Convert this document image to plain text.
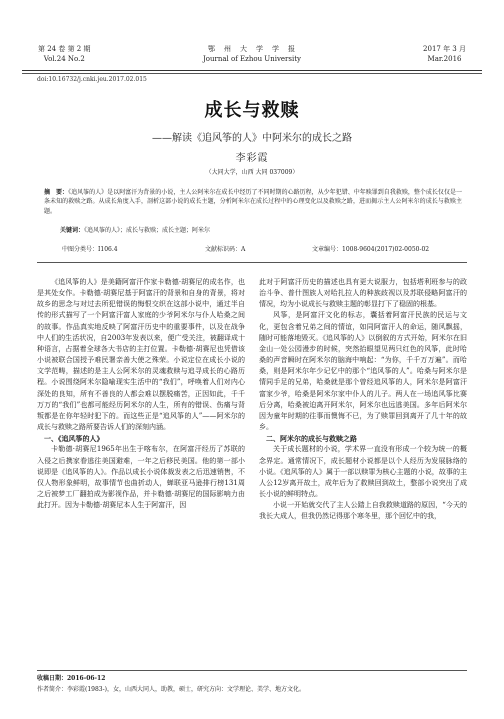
第 24 卷 第 2 期
Vol.24 No.2
鄂　州　大　学　学　报
Journal of Ezhou University
2017 年 3 月
Mar.2016
doi:10.16732/j.cnki.jeu.2017.02.015
成长与救赎
——解读《追风筝的人》中阿米尔的成长之路
李彩霞
（大同大学，山西 大同 037009）
摘　要：《追风筝的人》是以阿富汗为背景的小说，主人公阿米尔在成长中经历了不同时期的心路历程，从少年犯错、中年赎罪到自我救赎，整个成长仅仅是一条未知的救赎之路。从成长角度入手，剖析这部小说的成长主题，分析阿米尔在成长过程中的心理变化以及救赎之路，进而揭示主人公阿米尔的成长与救赎主题。
关键词：《追风筝的人》；成长与救赎；成长主题；阿米尔
中图分类号：I106.4	文献标识码：A	文章编号：1008-9604(2017)02-0050-02

《追风筝的人》是美籍阿富汗作家卡勒德·胡赛尼的成名作，也是其处女作。卡勒德·胡赛尼基于阿富汗的背景和自身的背景，将对故乡的思念与对过去所犯错误的悔恨交织在这部小说中，通过半自传的形式描写了一个阿富汗富人家庭的少爷阿米尔与仆人哈桑之间的故事。作品真实地反映了阿富汗历史中的重要事件，以及在战争中人们的生活状况，自2003年发表以来，便广受关注，被翻译成十种语言，占据着全球各大书店的主打位置。卡勒德·胡赛尼也凭借该小说被联合国授予难民署亲善大使之殊荣。小说定位在成长小说的文学范畴，描述的是主人公阿米尔的灵魂救赎与追寻成长的心路历程。小说围绕阿米尔隐喻现实生活中的“我们”，呼唤着人们对内心深处的良知，所有不善良的人都会难以摆脱痛苦，正因如此，千千万万的“我们”也都可能经历阿米尔的人生，所有的错误、伤痛与背叛都是在你年轻时犯下的。而这些正是“追风筝的人”——阿米尔的成长与救赎之路所要告诉人们的深刻内涵。

一、《追风筝的人》

卡勒德·胡赛尼1965年出生于喀布尔，在阿富汗经历了苏联的入侵之后携家眷逃往美国避难，一年之后移民美国。他的第一部小说即是《追风筝的人》。作品以成长小说体裁发表之后迅速销售，不仅人物形象鲜明，故事情节也曲折动人，蝉联亚马逊排行榜131周之后被梦工厂翻拍成为影视作品，并卡勒德·胡赛尼的国际影响力由此打开。因为卡勒德·胡赛尼本人生于阿富汗，因

此对于阿富汗历史的描述也具有更大说服力，包括塔利班参与的政治斗争、普什图族人对哈扎拉人的种族歧视以及苏联侵略阿富汗的情况，均为小说成长与救赎主题的彰显打下了稳固的根基。

风筝，是阿富汗文化的标志，囊括着阿富汗民族的民运与文化，更包含着兄弟之间的情谊，如同阿富汗人的命运，随风飘摇，随时可能落地毁灭。《追风筝的人》以倒叙的方式开始，阿米尔在旧金山一处公园漫步的时候，突然抬眼望见两只红色的风筝，此时哈桑的声音瞬时在阿米尔的脑海中响起：“为你，千千万万遍”。而哈桑，则是阿米尔年少记忆中的那个“追风筝的人”。哈桑与阿米尔是情同手足的兄弟，哈桑就是那个曾经追风筝的人，阿米尔是阿富汗富家少爷，哈桑是阿米尔家中仆人的儿子。两人在一场追风筝比赛后分离，哈桑被迫离开阿米尔，阿米尔也远逃美国。多年后阿米尔因为童年时期的往事而懊悔不已，为了赎罪回到离开了几十年的故乡。

二、阿米尔的成长与救赎之路

关于成长题材的小说，学术界一直没有形成一个较为统一的概念界定。通常情况下，成长题材小说都是以个人经历为发展脉络的小说。《追风筝的人》属于一部以赎罪为核心主题的小说，故事的主人公12岁离开故土，成年后为了救赎回到故土，整部小说突出了成长小说的鲜明特点。

小说一开始就交代了主人公踏上自我救赎道路的原因，“今天的我长大成人，但我仍然记得那个寒冬里，那个回忆中的我，

收稿日期：2016-06-12
作者简介：李彩霞(1983-)，女，山西大同人，助教，硕士，研究方向：文学理论、美学、地方文化。
